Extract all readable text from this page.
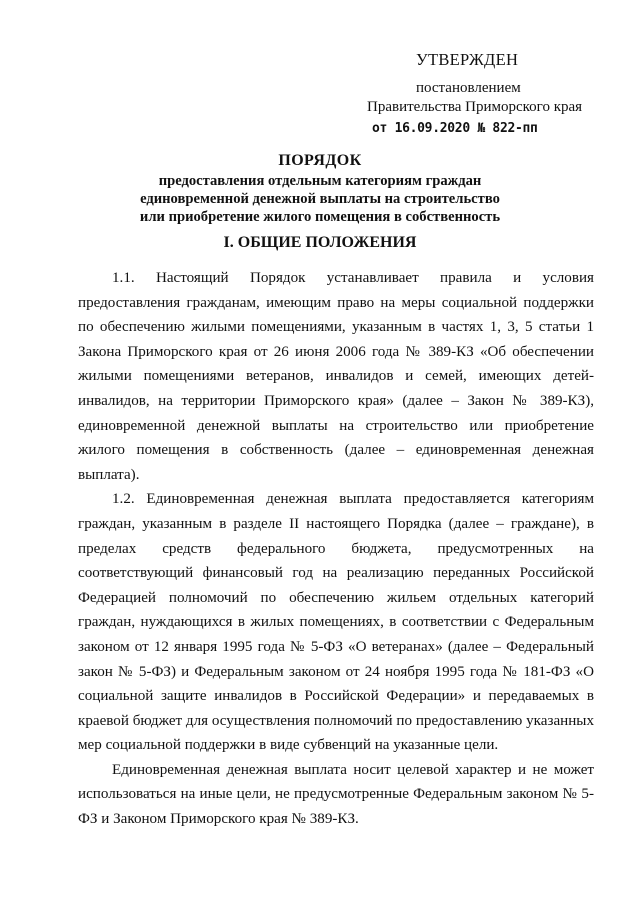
УТВЕРЖДЕН
постановлением
Правительства Приморского края
от 16.09.2020 № 822-пп
ПОРЯДОК
предоставления отдельным категориям граждан
единовременной денежной выплаты на строительство
или приобретение жилого помещения в собственность
I. ОБЩИЕ ПОЛОЖЕНИЯ

1.1. Настоящий Порядок устанавливает правила и условия предоставления гражданам, имеющим право на меры социальной поддержки по обеспечению жилыми помещениями, указанным в частях 1, 3, 5 статьи 1 Закона Приморского края от 26 июня 2006 года № 389-КЗ «Об обеспечении жилыми помещениями ветеранов, инвалидов и семей, имеющих детей-инвалидов, на территории Приморского края» (далее – Закон № 389-КЗ), единовременной денежной выплаты на строительство или приобретение жилого помещения в собственность (далее – единовременная денежная выплата).

1.2. Единовременная денежная выплата предоставляется категориям граждан, указанным в разделе II настоящего Порядка (далее – граждане), в пределах средств федерального бюджета, предусмотренных на соответствующий финансовый год на реализацию переданных Российской Федерацией полномочий по обеспечению жильем отдельных категорий граждан, нуждающихся в жилых помещениях, в соответствии с Федеральным законом от 12 января 1995 года № 5-ФЗ «О ветеранах» (далее – Федеральный закон № 5-ФЗ) и Федеральным законом от 24 ноября 1995 года № 181-ФЗ «О социальной защите инвалидов в Российской Федерации» и передаваемых в краевой бюджет для осуществления полномочий по предоставлению указанных мер социальной поддержки в виде субвенций на указанные цели.

Единовременная денежная выплата носит целевой характер и не может использоваться на иные цели, не предусмотренные Федеральным законом № 5-ФЗ и Законом Приморского края № 389-КЗ.
